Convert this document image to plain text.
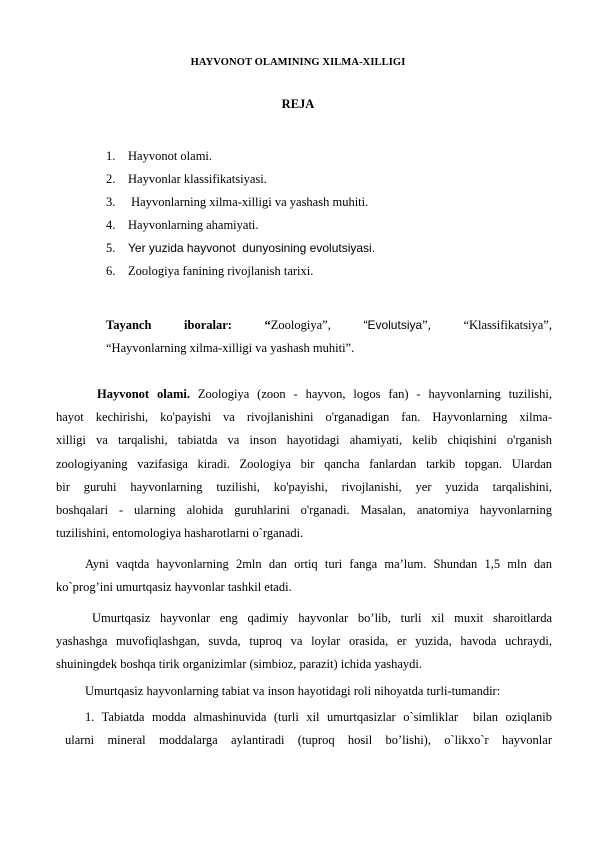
HAYVONOT OLAMINING XILMA-XILLIGI
REJA
1. Hayvonot olami.
2. Hayvonlar klassifikatsiyasi.
3. Hayvonlarning xilma-xilligi va yashash muhiti.
4. Hayvonlarning ahamiyati.
5. Yer yuzida hayvonot  dunyosining evolutsiyasi.
6. Zoologiya fanining rivojlanish tarixi.
Tayanch	iboralar:	“Zoologiya”,	“Evolutsiya”,	“Klassifikatsiya”,
“Hayvonlarning xilma-xilligi va yashash muhiti”.
Hayvonot olami. Zoologiya (zoon - hayvon, logos fan) - hayvonlarning tuzilishi,
hayot kechirishi, ko'payishi va rivojlanishini o'rganadigan fan. Hayvonlarning xilma-
xilligi va tarqalishi, tabiatda va inson hayotidagi ahamiyati, kelib chiqishini o'rganish
zoologiyaning vazifasiga kiradi. Zoologiya bir qancha fanlardan tarkib topgan. Ulardan
bir guruhi hayvonlarning tuzilishi, ko'payishi, rivojlanishi, yer yuzida tarqalishini,
boshqalari - ularning alohida guruhlarini o'rganadi. Masalan, anatomiya hayvonlarning
tuzilishini, entomologiya hasharotlarni o`rganadi.
Ayni vaqtda hayvonlarning 2mln dan ortiq turi fanga ma’lum. Shundan 1,5 mln dan
ko`prog’ini umurtqasiz hayvonlar tashkil etadi.
Umurtqasiz hayvonlar eng qadimiy hayvonlar bo’lib, turli xil muxit sharoitlarda
yashashga muvofiqlashgan, suvda, tuproq va loylar orasida, er yuzida, havoda uchraydi,
shuiningdek boshqa tirik organizimlar (simbioz, parazit) ichida yashaydi.
Umurtqasiz hayvonlarning tabiat va inson hayotidagi roli nihoyatda turli-tumandir:
1. Tabiatda modda almashinuvida (turli xil umurtqasizlar o`simliklar  bilan oziqlanib
ularni mineral moddalarga aylantiradi (tuproq hosil bo’lishi), o`likxo`r hayvonlar
